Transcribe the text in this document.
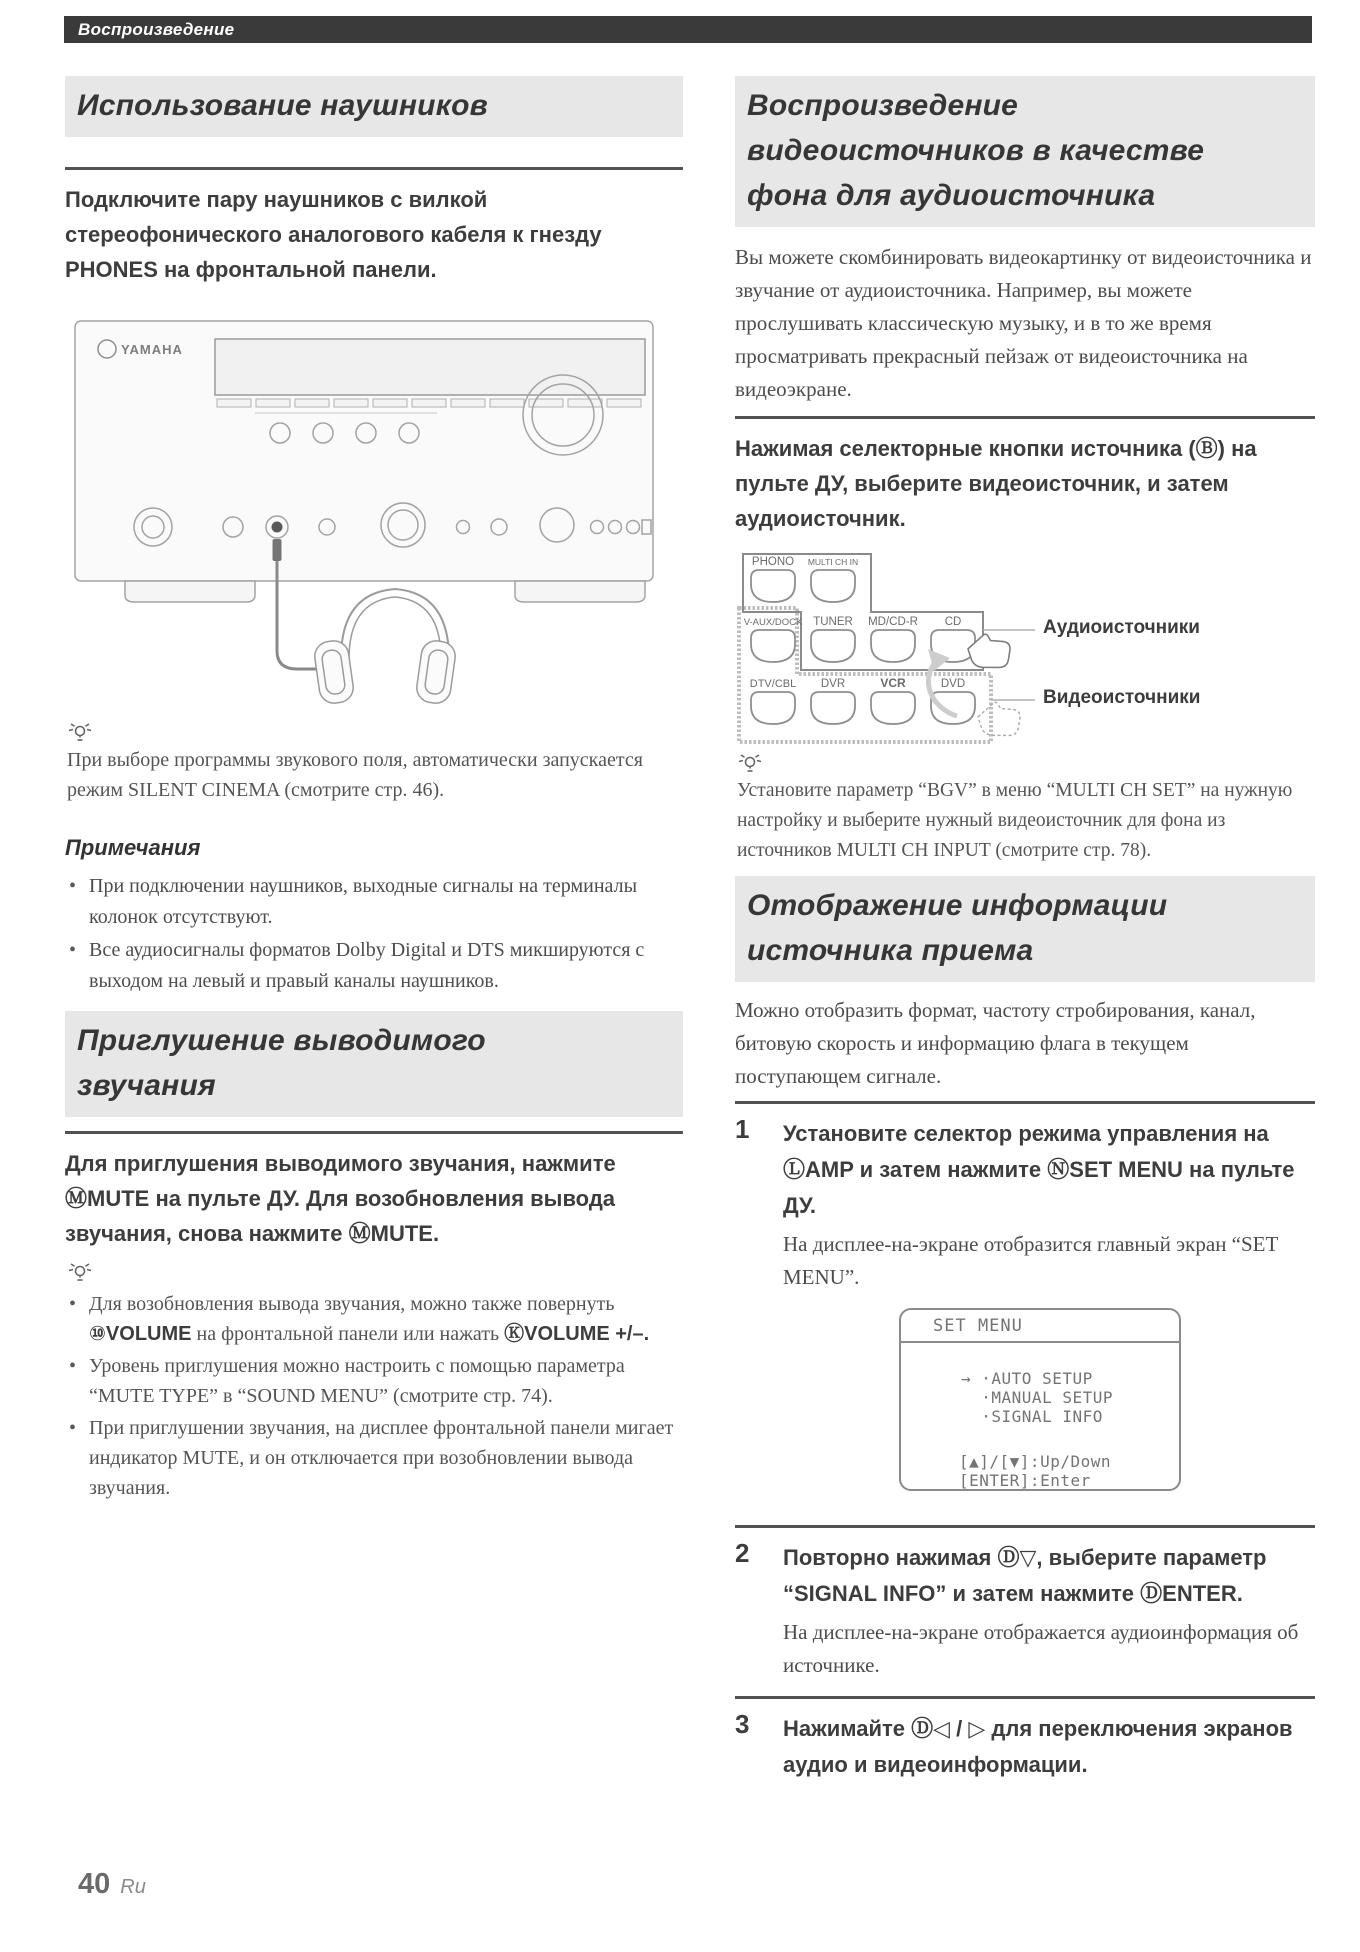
Воспроизведение
Использование наушников

Подключите пару наушников с вилкой стереофонического аналогового кабеля к гнезду PHONES на фронтальной панели.

YAMAHA

При выборе программы звукового поля, автоматически запускается режим SILENT CINEMA (смотрите стр. 46).

Примечания
• При подключении наушников, выходные сигналы на терминалы колонок отсутствуют.
• Все аудиосигналы форматов Dolby Digital и DTS микшируются с выходом на левый и правый каналы наушников.
Приглушение выводимого
звучания

Для приглушения выводимого звучания, нажмите ⓂMUTE на пульте ДУ. Для возобновления вывода звучания, снова нажмите ⓂMUTE.

• Для возобновления вывода звучания, можно также повернуть ⑩VOLUME на фронтальной панели или нажать ⓀVOLUME +/–.
• Уровень приглушения можно настроить с помощью параметра “MUTE TYPE” в “SOUND MENU” (смотрите стр. 74).
• При приглушении звучания, на дисплее фронтальной панели мигает индикатор MUTE, и он отключается при возобновлении вывода звучания.
Воспроизведение
видеоисточников в качестве
фона для аудиоисточника

Вы можете скомбинировать видеокартинку от видеоисточника и звучание от аудиоисточника. Например, вы можете прослушивать классическую музыку, и в то же время просматривать прекрасный пейзаж от видеоисточника на видеоэкране.

Нажимая селекторные кнопки источника (Ⓑ) на пульте ДУ, выберите видеоисточник, и затем аудиоисточник.

PHONO MULTI CH IN
V-AUX/DOCK TUNER MD/CD-R CD
DTV/CBL DVR	VCR	DVD
Аудиоисточники
Видеоисточники

Установите параметр “BGV” в меню “MULTI CH SET” на нужную настройку и выберите нужный видеоисточник для фона из источников MULTI CH INPUT (смотрите стр. 78).

Отображение информации
источника приема

Можно отобразить формат, частоту стробирования, канал, битовую скорость и информацию флага в текущем поступающем сигнале.

1 Установите селектор режима управления на ⓁAMP и затем нажмите ⓃSET MENU на пульте ДУ.
На дисплее-на-экране отобразится главный экран “SET MENU”.
SET MENU
→ ·AUTO SETUP
·MANUAL SETUP
·SIGNAL INFO
[▲]/[▼]:Up/Down
[ENTER]:Enter
2 Повторно нажимая Ⓓ▽, выберите параметр “SIGNAL INFO” и затем нажмите ⒹENTER.
На дисплее-на-экране отображается аудиоинформация об источнике.
3 Нажимайте Ⓓ◁ / ▷ для переключения экранов аудио и видеоинформации.
40 Ru
